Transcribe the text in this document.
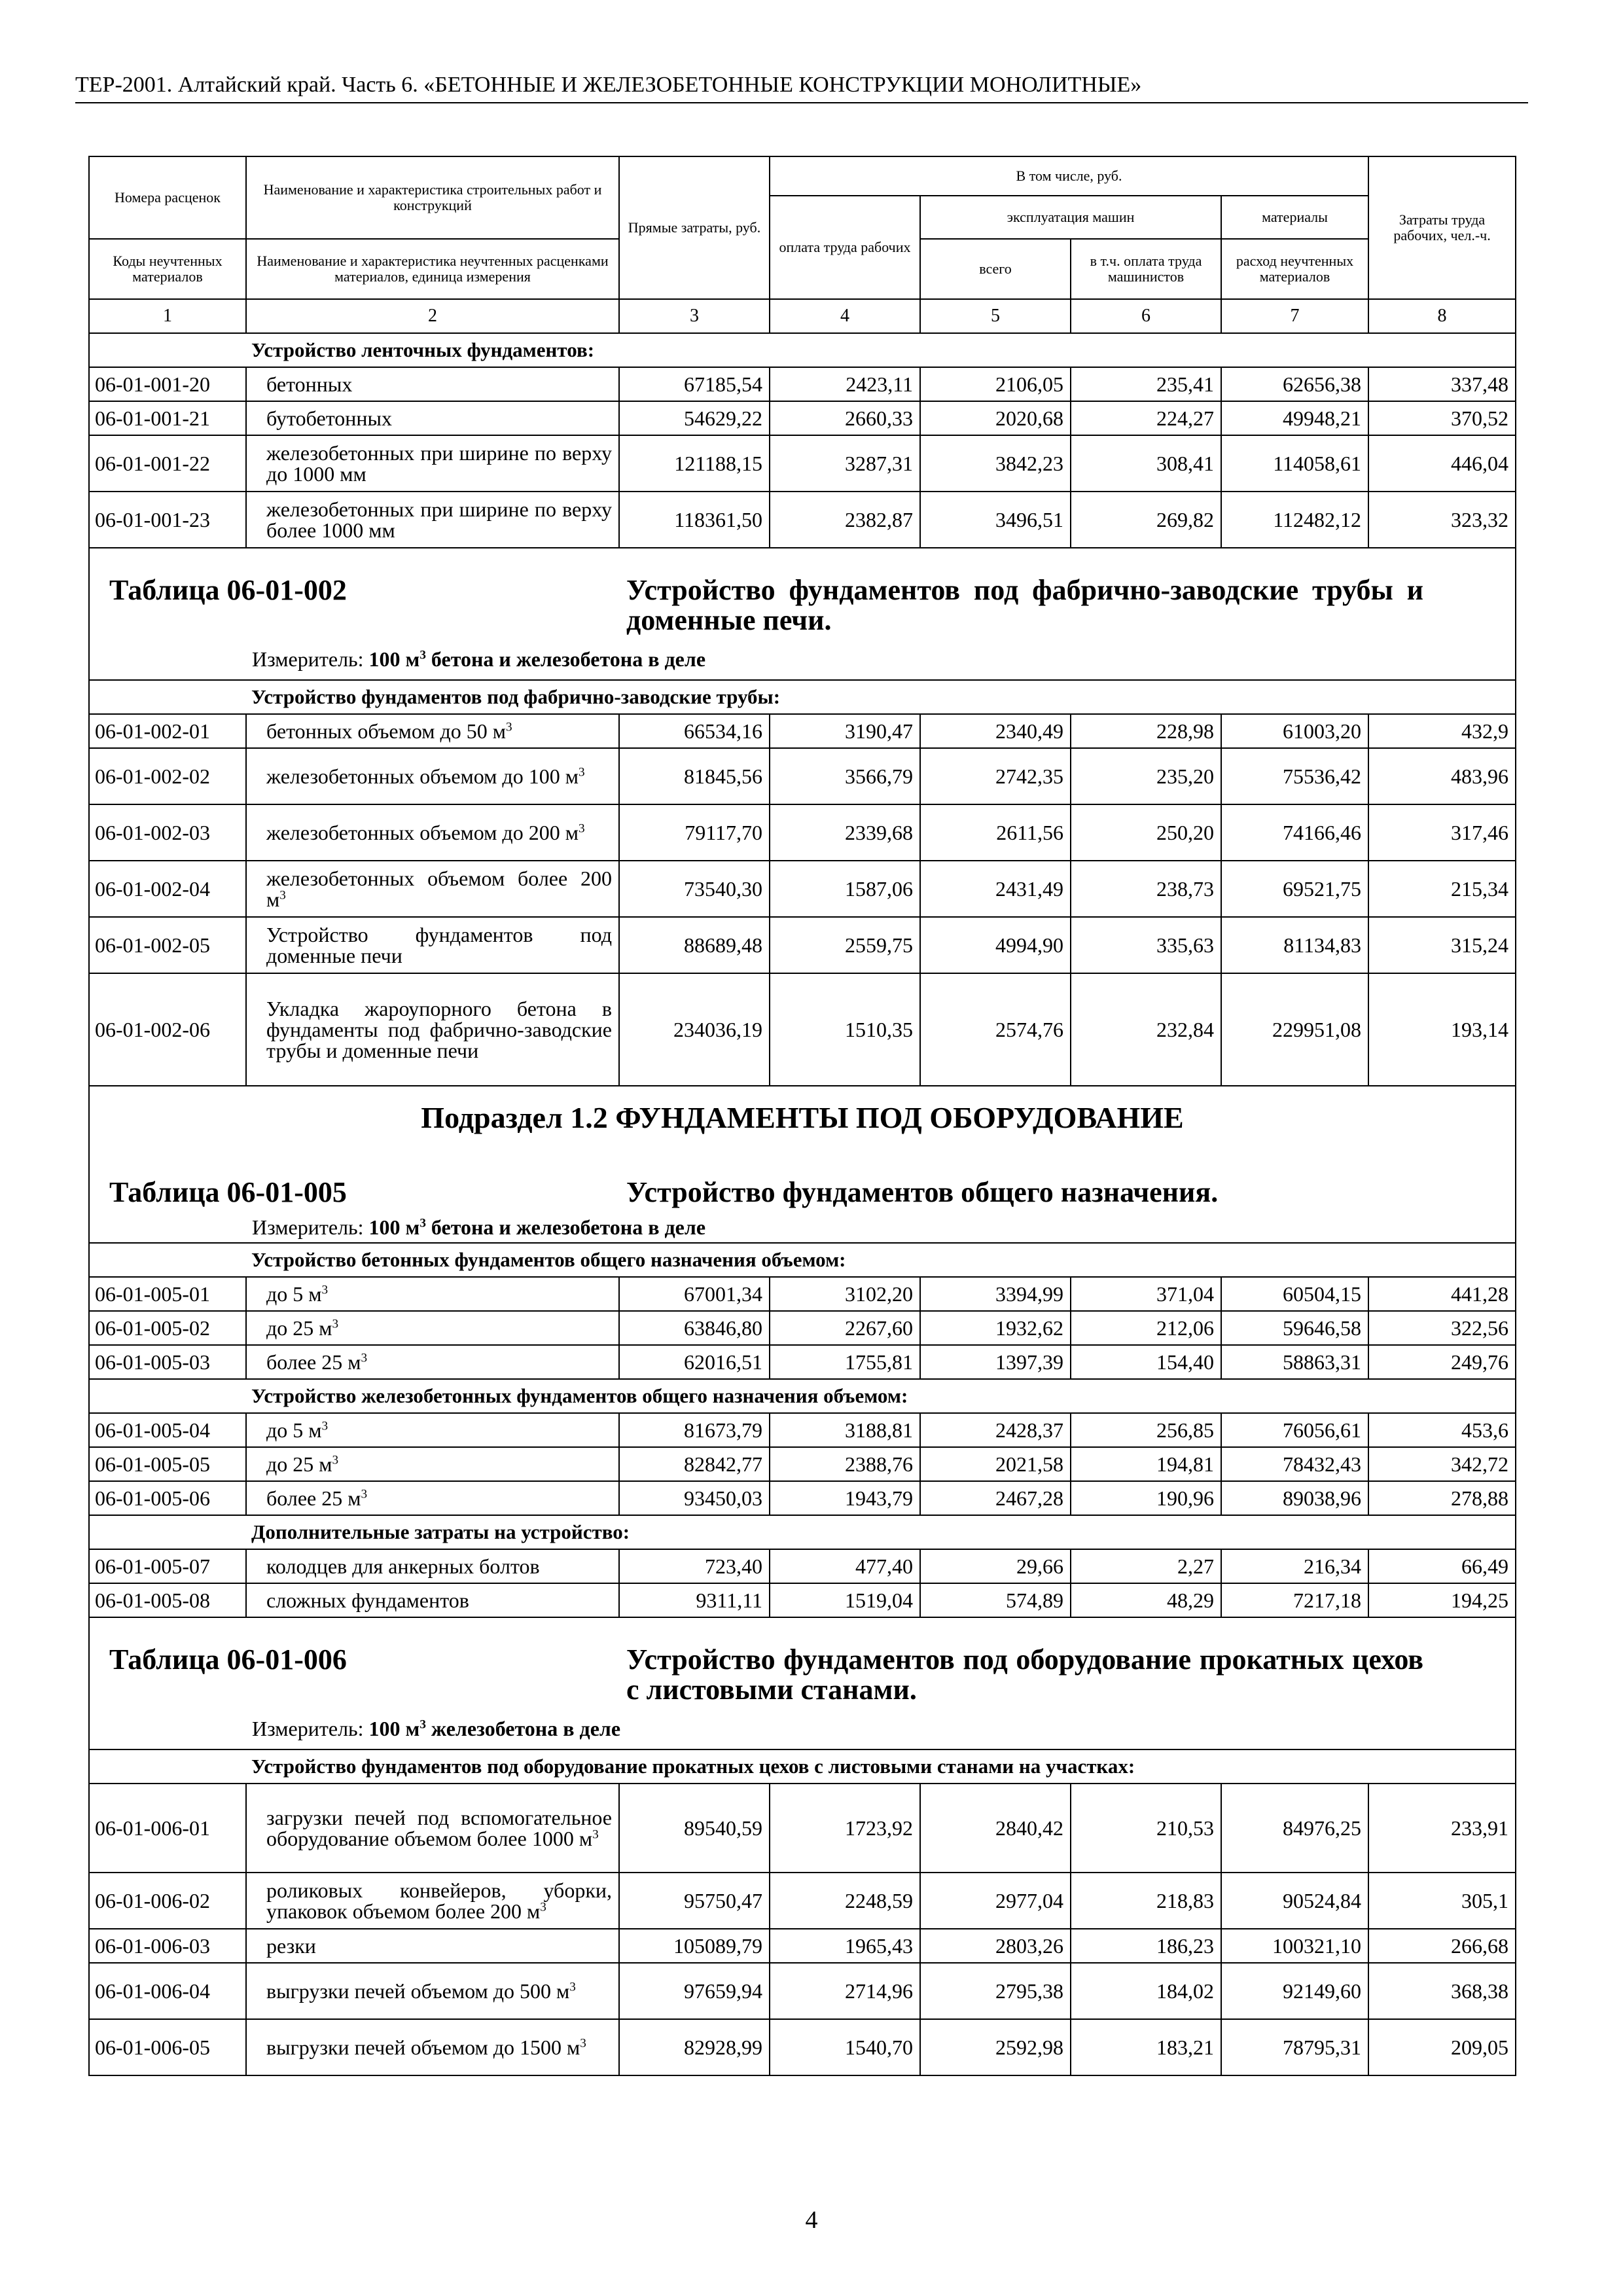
ТЕР-2001. Алтайский край. Часть 6. «БЕТОННЫЕ И ЖЕЛЕЗОБЕТОННЫЕ КОНСТРУКЦИИ МОНОЛИТНЫЕ»
Номера расценок	Наименование и характеристика строительных работ и конструкций	Прямые затраты, руб.	В том числе, руб.				Затраты труда рабочих, чел.-ч.
			оплата труда рабочих	эксплуатация машин		материалы	
Коды неучтенных материалов	Наименование и характеристика неучтенных расценками материалов, единица измерения			всего	в т.ч. оплата труда машинистов	расход неучтенных материалов	

1	2	3	4	5	6	7	8
	Устройство ленточных фундаментов:						
06-01-001-20	бетонных	67185,54	2423,11	2106,05	235,41	62656,38	337,48
06-01-001-21	бутобетонных	54629,22	2660,33	2020,68	224,27	49948,21	370,52
06-01-001-22	железобетонных при ширине по верху до 1000 мм	121188,15	3287,31	3842,23	308,41	114058,61	446,04
06-01-001-23	железобетонных при ширине по верху более 1000 мм	118361,50	2382,87	3496,51	269,82	112482,12	323,32

Таблица 06-01-002 Устройство фундаментов под фабрично-заводские трубы и доменные печи.
Измеритель: 100 $м^3$ бетона и железобетона в деле							

	Устройство фундаментов под фабрично-заводские трубы:						
06-01-002-01	бетонных объемом до 50 $м^3$	66534,16	3190,47	2340,49	228,98	61003,20	432,9
06-01-002-02	железобетонных объемом до 100 $м^3$	81845,56	3566,79	2742,35	235,20	75536,42	483,96
06-01-002-03	железобетонных объемом до 200 $м^3$	79117,70	2339,68	2611,56	250,20	74166,46	317,46
06-01-002-04	железобетонных объемом более 200 $м^3$	73540,30	1587,06	2431,49	238,73	69521,75	215,34
06-01-002-05	Устройство фундаментов под доменные печи	88689,48	2559,75	4994,90	335,63	81134,83	315,24
06-01-002-06	Укладка жароупорного бетона в фундаменты под фабрично-заводские трубы и доменные печи	234036,19	1510,35	2574,76	232,84	229951,08	193,14

Подраздел 1.2 ФУНДАМЕНТЫ ПОД ОБОРУДОВАНИЕ
Таблица 06-01-005 Устройство фундаментов общего назначения.
Измеритель: 100 $м^3$ бетона и железобетона в деле							

	Устройство бетонных фундаментов общего назначения объемом:						
06-01-005-01	до 5 $м^3$	67001,34	3102,20	3394,99	371,04	60504,15	441,28
06-01-005-02	до 25 $м^3$	63846,80	2267,60	1932,62	212,06	59646,58	322,56
06-01-005-03	более 25 $м^3$	62016,51	1755,81	1397,39	154,40	58863,31	249,76
	Устройство железобетонных фундаментов общего назначения объемом:						
06-01-005-04	до 5 $м^3$	81673,79	3188,81	2428,37	256,85	76056,61	453,6
06-01-005-05	до 25 $м^3$	82842,77	2388,76	2021,58	194,81	78432,43	342,72
06-01-005-06	более 25 $м^3$	93450,03	1943,79	2467,28	190,96	89038,96	278,88
	Дополнительные затраты на устройство:						
06-01-005-07	колодцев для анкерных болтов	723,40	477,40	29,66	2,27	216,34	66,49
06-01-005-08	сложных фундаментов	9311,11	1519,04	574,89	48,29	7217,18	194,25

Таблица 06-01-006 Устройство фундаментов под оборудование прокатных цехов с листовыми станами.
Измеритель: 100 $м^3$ железобетона в деле							

	Устройство фундаментов под оборудование прокатных цехов с листовыми станами на участках:						
06-01-006-01	загрузки печей под вспомогательное оборудование объемом более 1000 $м^3$	89540,59	1723,92	2840,42	210,53	84976,25	233,91
06-01-006-02	роликовых конвейеров, уборки, упаковок объемом более 200 $м^3$	95750,47	2248,59	2977,04	218,83	90524,84	305,1
06-01-006-03	резки	105089,79	1965,43	2803,26	186,23	100321,10	266,68
06-01-006-04	выгрузки печей объемом до 500 $м^3$	97659,94	2714,96	2795,38	184,02	92149,60	368,38
06-01-006-05	выгрузки печей объемом до 1500 $м^3$	82928,99	1540,70	2592,98	183,21	78795,31	209,05
4
